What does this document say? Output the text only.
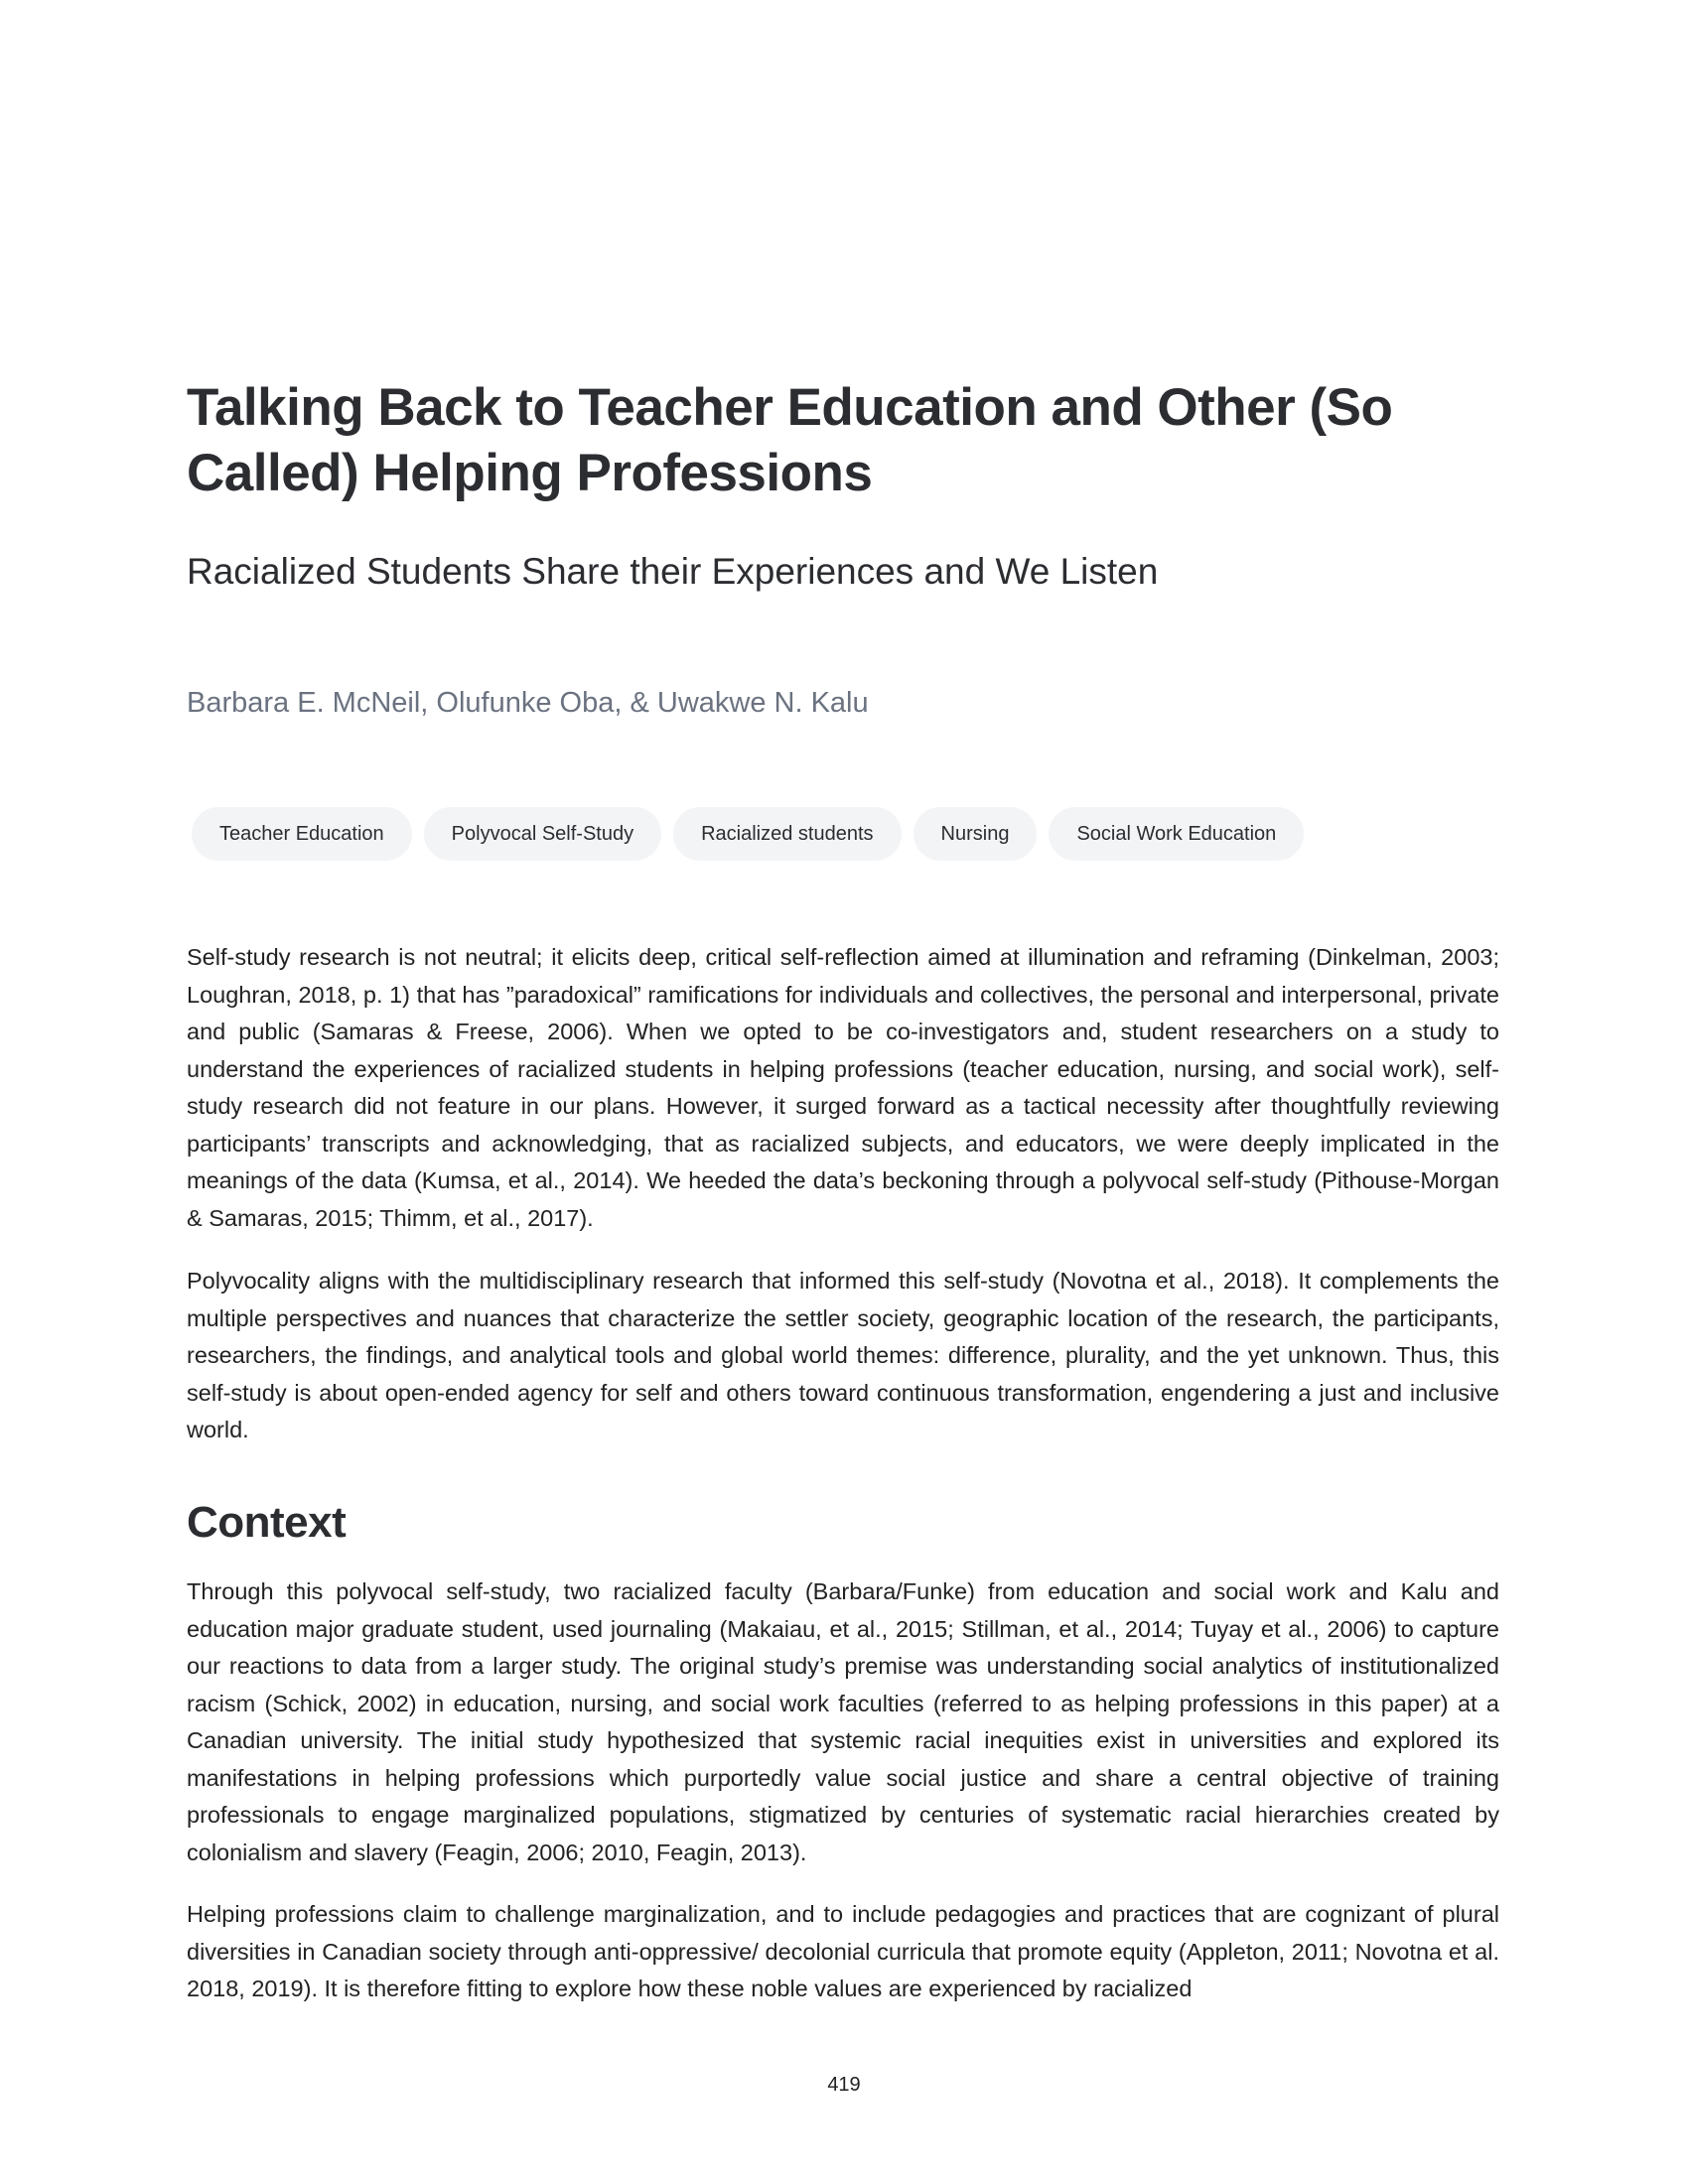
Talking Back to Teacher Education and Other (So Called) Helping Professions
Racialized Students Share their Experiences and We Listen
Barbara E. McNeil, Olufunke Oba, & Uwakwe N. Kalu
Teacher Education	Polyvocal Self-Study	Racialized students	Nursing	Social Work Education

Self-study research is not neutral; it elicits deep, critical self-reflection aimed at illumination and reframing (Dinkelman, 2003; Loughran, 2018, p. 1) that has ”paradoxical” ramifications for individuals and collectives, the personal and interpersonal, private and public (Samaras & Freese, 2006). When we opted to be co-investigators and, student researchers on a study to understand the experiences of racialized students in helping professions (teacher education, nursing, and social work), self-study research did not feature in our plans. However, it surged forward as a tactical necessity after thoughtfully reviewing participants’ transcripts and acknowledging, that as racialized subjects, and educators, we were deeply implicated in the meanings of the data (Kumsa, et al., 2014). We heeded the data’s beckoning through a polyvocal self-study (Pithouse-Morgan & Samaras, 2015; Thimm, et al., 2017).

Polyvocality aligns with the multidisciplinary research that informed this self-study (Novotna et al., 2018). It complements the multiple perspectives and nuances that characterize the settler society, geographic location of the research, the participants, researchers, the findings, and analytical tools and global world themes: difference, plurality, and the yet unknown. Thus, this self-study is about open-ended agency for self and others toward continuous transformation, engendering a just and inclusive world.

Context

Through this polyvocal self-study, two racialized faculty (Barbara/Funke) from education and social work and Kalu and education major graduate student, used journaling (Makaiau, et al., 2015; Stillman, et al., 2014; Tuyay et al., 2006) to capture our reactions to data from a larger study. The original study’s premise was understanding social analytics of institutionalized racism (Schick, 2002) in education, nursing, and social work faculties (referred to as helping professions in this paper) at a Canadian university. The initial study hypothesized that systemic racial inequities exist in universities and explored its manifestations in helping professions which purportedly value social justice and share a central objective of training professionals to engage marginalized populations, stigmatized by centuries of systematic racial hierarchies created by colonialism and slavery (Feagin, 2006; 2010, Feagin, 2013).

Helping professions claim to challenge marginalization, and to include pedagogies and practices that are cognizant of plural diversities in Canadian society through anti-oppressive/ decolonial curricula that promote equity (Appleton, 2011; Novotna et al. 2018, 2019). It is therefore fitting to explore how these noble values are experienced by racialized

419
